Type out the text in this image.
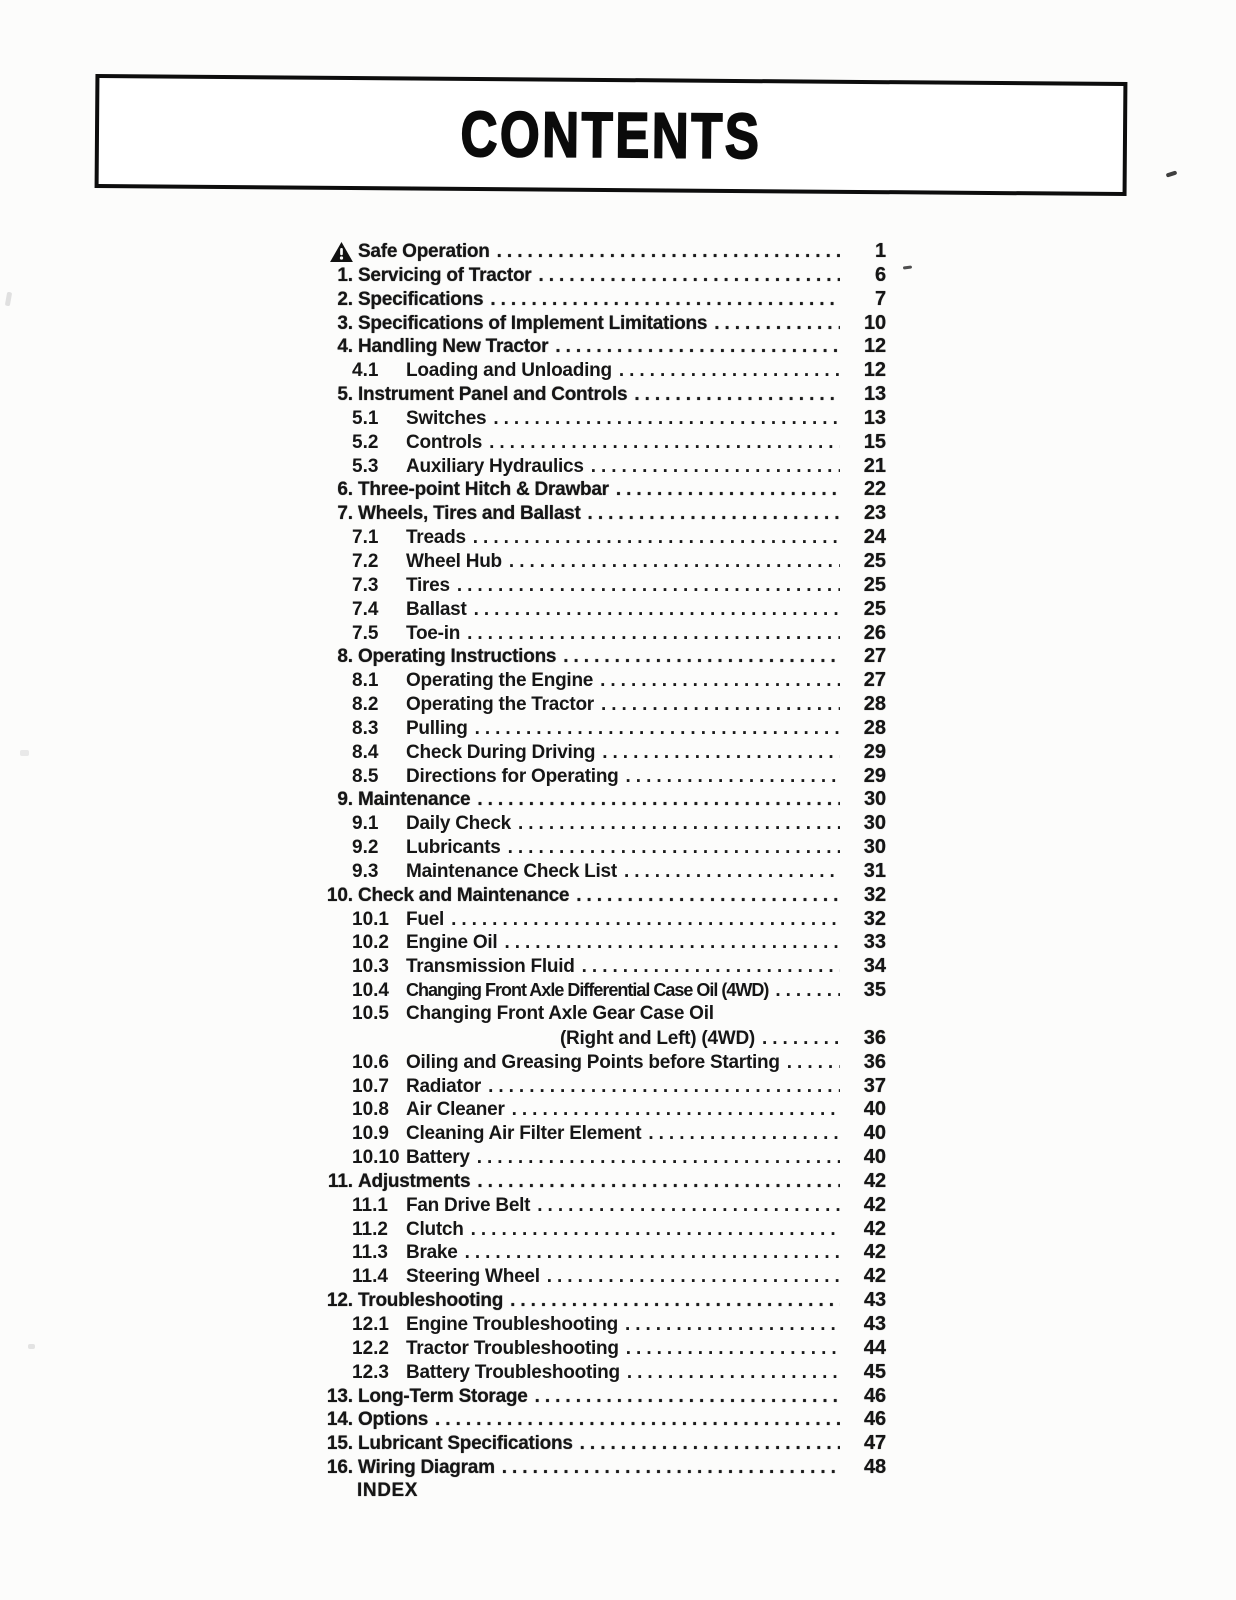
CONTENTS
Safe Operation .....	1
1. Servicing of Tractor .....	6
2. Specifications .....	7
3. Specifications of Implement Limitations .....	10
4. Handling New Tractor .....	12
4.1	Loading and Unloading .....	12
5. Instrument Panel and Controls .....	13
5.1	Switches .....	13
5.2	Controls .....	15
5.3	Auxiliary Hydraulics .....	21
6. Three-point Hitch & Drawbar .....	22
7. Wheels, Tires and Ballast .....	23
7.1	Treads .....	24
7.2	Wheel Hub .....	25
7.3	Tires .....	25
7.4	Ballast .....	25
7.5	Toe-in .....	26
8. Operating Instructions .....	27
8.1	Operating the Engine .....	27
8.2	Operating the Tractor .....	28
8.3	Pulling .....	28
8.4	Check During Driving .....	29
8.5	Directions for Operating .....	29
9. Maintenance .....	30
9.1	Daily Check .....	30
9.2	Lubricants .....	30
9.3	Maintenance Check List .....	31
10. Check and Maintenance .....	32
10.1 Fuel .....	32
10.2 Engine Oil .....	33
10.3 Transmission Fluid .....	34
10.4 Changing Front Axle Differential Case Oil (4WD) .....	35
10.5 Changing Front Axle Gear Case Oil
(Right and Left) (4WD) .....	36
10.6 Oiling and Greasing Points before Starting .....	36
10.7 Radiator .....	37
10.8 Air Cleaner .....	40
10.9 Cleaning Air Filter Element .....	40
10.10 Battery .....	40
11. Adjustments .....	42
11.1 Fan Drive Belt .....	42
11.2 Clutch .....	42
11.3 Brake .....	42
11.4 Steering Wheel .....	42
12. Troubleshooting .....	43
12.1 Engine Troubleshooting .....	43
12.2 Tractor Troubleshooting .....	44
12.3 Battery Troubleshooting .....	45
13. Long-Term Storage .....	46
14. Options .....	46
15. Lubricant Specifications .....	47
16. Wiring Diagram .....	48
INDEX
